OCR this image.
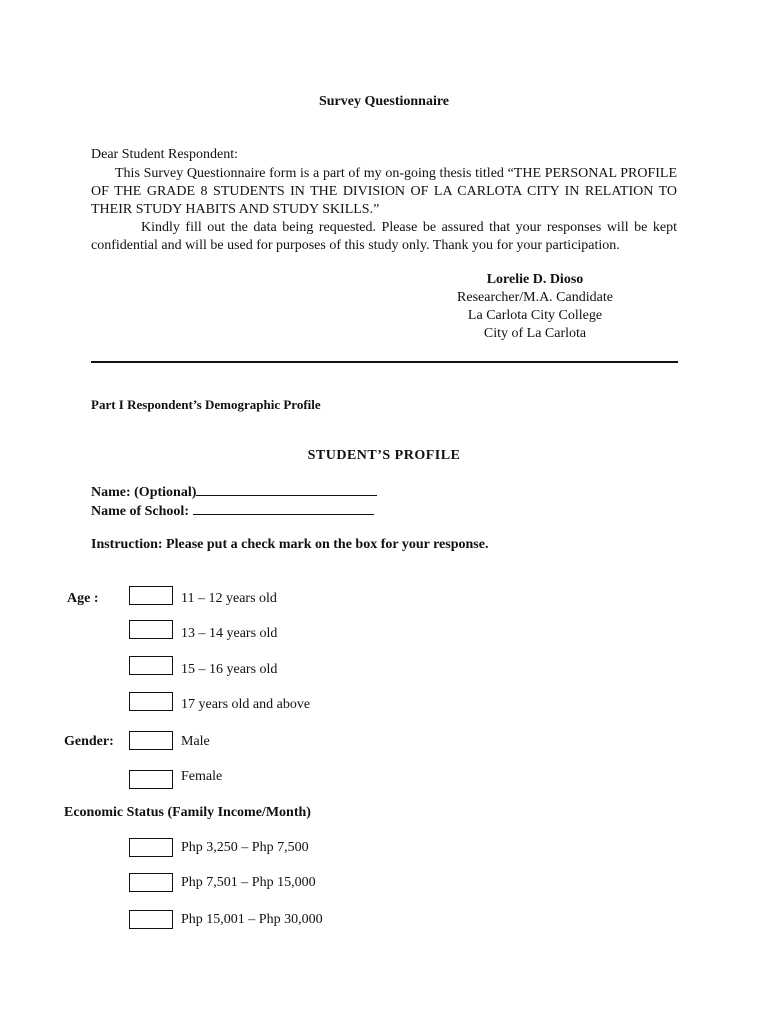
Survey Questionnaire
Dear Student Respondent:

This Survey Questionnaire form is a part of my on-going thesis titled “THE PERSONAL PROFILE OF THE GRADE 8 STUDENTS IN THE DIVISION OF LA CARLOTA CITY IN RELATION TO THEIR STUDY HABITS AND STUDY SKILLS.”

Kindly fill out the data being requested. Please be assured that your responses will be kept confidential and will be used for purposes of this study only. Thank you for your participation.

Lorelie D. Dioso
Researcher/M.A. Candidate
La Carlota City College
City of La Carlota
Part I Respondent’s Demographic Profile
STUDENT’S PROFILE
Name: (Optional)
Name of School:
Instruction: Please put a check mark on the box for your response.
Age :	11 – 12 years old
13 – 14 years old
15 – 16 years old
17 years old and above
Gender:	Male
Female
Economic Status (Family Income/Month)
Php 3,250 – Php 7,500
Php 7,501 – Php 15,000
Php 15,001 – Php 30,000
